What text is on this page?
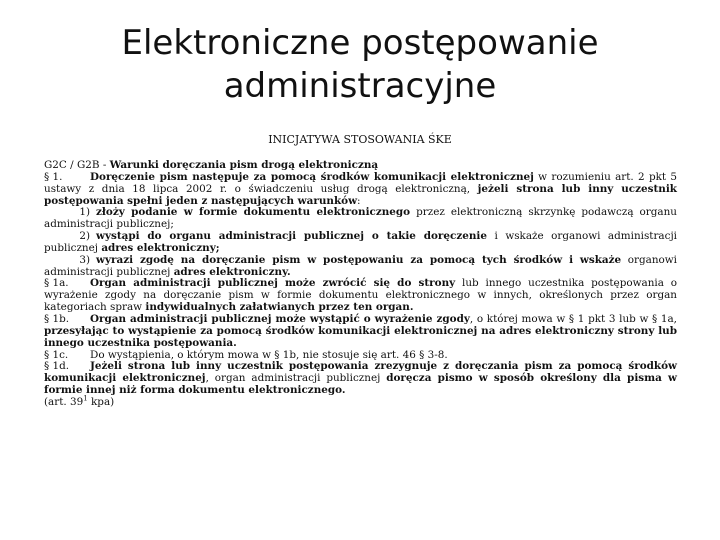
Elektroniczne postępowanie
administracyjne
INICJATYWA STOSOWANIA ŚKE

G2C / G2B - Warunki doręczania pism drogą elektroniczną

§ 1.	Doręczenie pism następuje za pomocą środków komunikacji elektronicznej w rozumieniu art. 2 pkt 5 ustawy z dnia 18 lipca 2002 r. o świadczeniu usług drogą elektroniczną, jeżeli strona lub inny uczestnik postępowania spełni jeden z następujących warunków:

1) złoży podanie w formie dokumentu elektronicznego przez elektroniczną skrzynkę podawczą organu administracji publicznej;

2) wystąpi do organu administracji publicznej o takie doręczenie i wskaże organowi administracji publicznej adres elektroniczny;

3) wyrazi zgodę na doręczanie pism w postępowaniu za pomocą tych środków i wskaże organowi administracji publicznej adres elektroniczny.

§ 1a. Organ administracji publicznej może zwrócić się do strony lub innego uczestnika postępowania o wyrażenie zgody na doręczanie pism w formie dokumentu elektronicznego w innych, określonych przez organ kategoriach spraw indywidualnych załatwianych przez ten organ.

§ 1b. Organ administracji publicznej może wystąpić o wyrażenie zgody, o której mowa w § 1 pkt 3 lub w § 1a, przesyłając to wystąpienie za pomocą środków komunikacji elektronicznej na adres elektroniczny strony lub innego uczestnika postępowania.

§ 1c. Do wystąpienia, o którym mowa w § 1b, nie stosuje się art. 46 § 3-8.

§ 1d. Jeżeli strona lub inny uczestnik postępowania zrezygnuje z doręczania pism za pomocą środków komunikacji elektronicznej, organ administracji publicznej doręcza pismo w sposób określony dla pisma w formie innej niż forma dokumentu elektronicznego.

(art. $39^1$ kpa)
